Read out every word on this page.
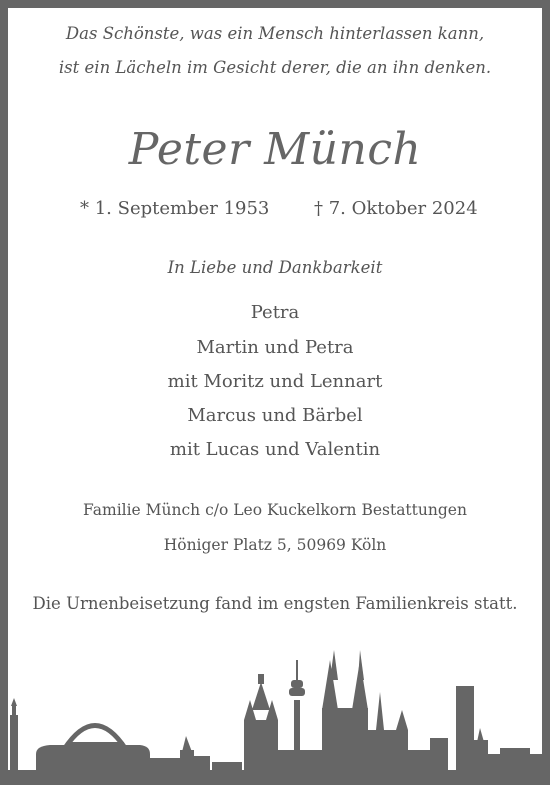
Das Schönste, was ein Mensch hinterlassen kann,
ist ein Lächeln im Gesicht derer, die an ihn denken.
Peter Münch
* 1. September 1953 † 7. Oktober 2024
In Liebe und Dankbarkeit
Petra
Martin und Petra
mit Moritz und Lennart
Marcus und Bärbel
mit Lucas und Valentin
Familie Münch c/o Leo Kuckelkorn Bestattungen
Höniger Platz 5, 50969 Köln
Die Urnenbeisetzung fand im engsten Familienkreis statt.
